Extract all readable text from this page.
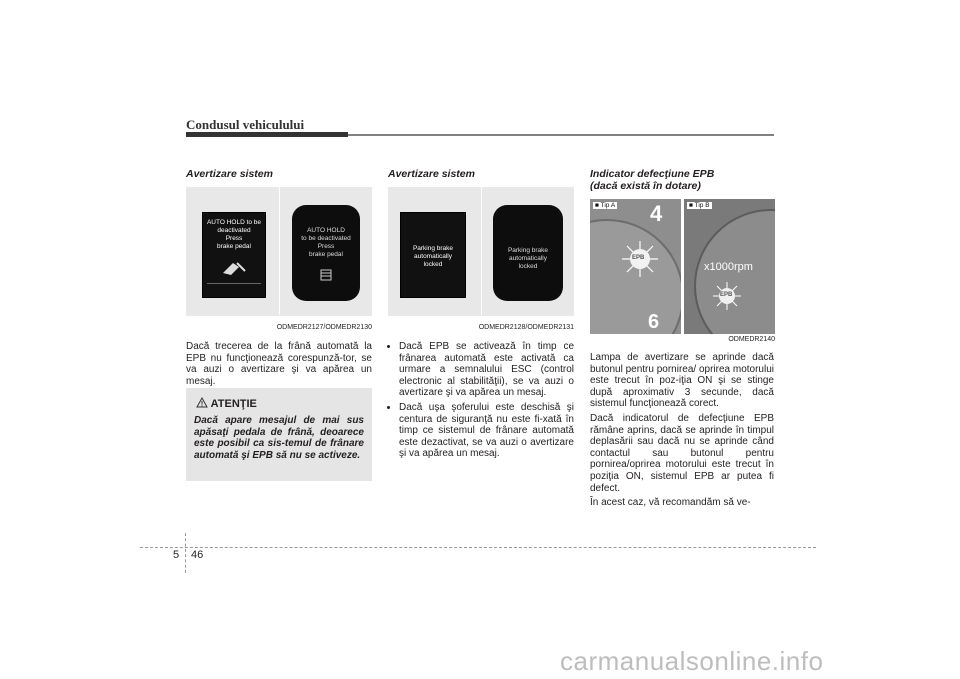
Condusul vehiculului
Avertizare sistem
AUTO HOLD to be
deactivated
Press
brake pedal
AUTO HOLD
to be deactivated
Press
brake pedal
ODMEDR2127/ODMEDR2130
Dacă trecerea de la frână automată la EPB nu funcţionează corespunză-tor, se va auzi o avertizare şi va apărea un mesaj.
ATENŢIE
Dacă apare mesajul de mai sus apăsaţi pedala de frână, deoarece este posibil ca sis-temul de frânare automată şi EPB să nu se activeze.
Avertizare sistem
Parking brake
automatically
locked
Parking brake
automatically
locked
ODMEDR2128/ODMEDR2131
• Dacă EPB se activează în timp ce frânarea automată este activată ca urmare a semnalului ESC (control electronic al stabilităţii), se va auzi o avertizare şi va apărea un mesaj.
• Dacă uşa şoferului este deschisă şi centura de siguranţă nu este fi-xată în timp ce sistemul de frânare automată este dezactivat, se va auzi o avertizare şi va apărea un mesaj.
Indicator defecţiune EPB
(dacă există în dotare)
4
EPB
6
■ Tip A
x1000rpm
EPB
■ Tip B
ODMEDR2140

Lampa de avertizare se aprinde dacă butonul pentru pornirea/ oprirea motorului este trecut în poz-iţia ON şi se stinge după aproximativ 3 secunde, dacă sistemul funcţionează corect.

Dacă indicatorul de defecţiune EPB rămâne aprins, dacă se aprinde în timpul deplasării sau dacă nu se aprinde când contactul sau butonul pentru pornirea/oprirea motorului este trecut în poziţia ON, sistemul EPB ar putea fi defect.

În acest caz, vă recomandăm să ve-

5 46
carmanualsonline.info
